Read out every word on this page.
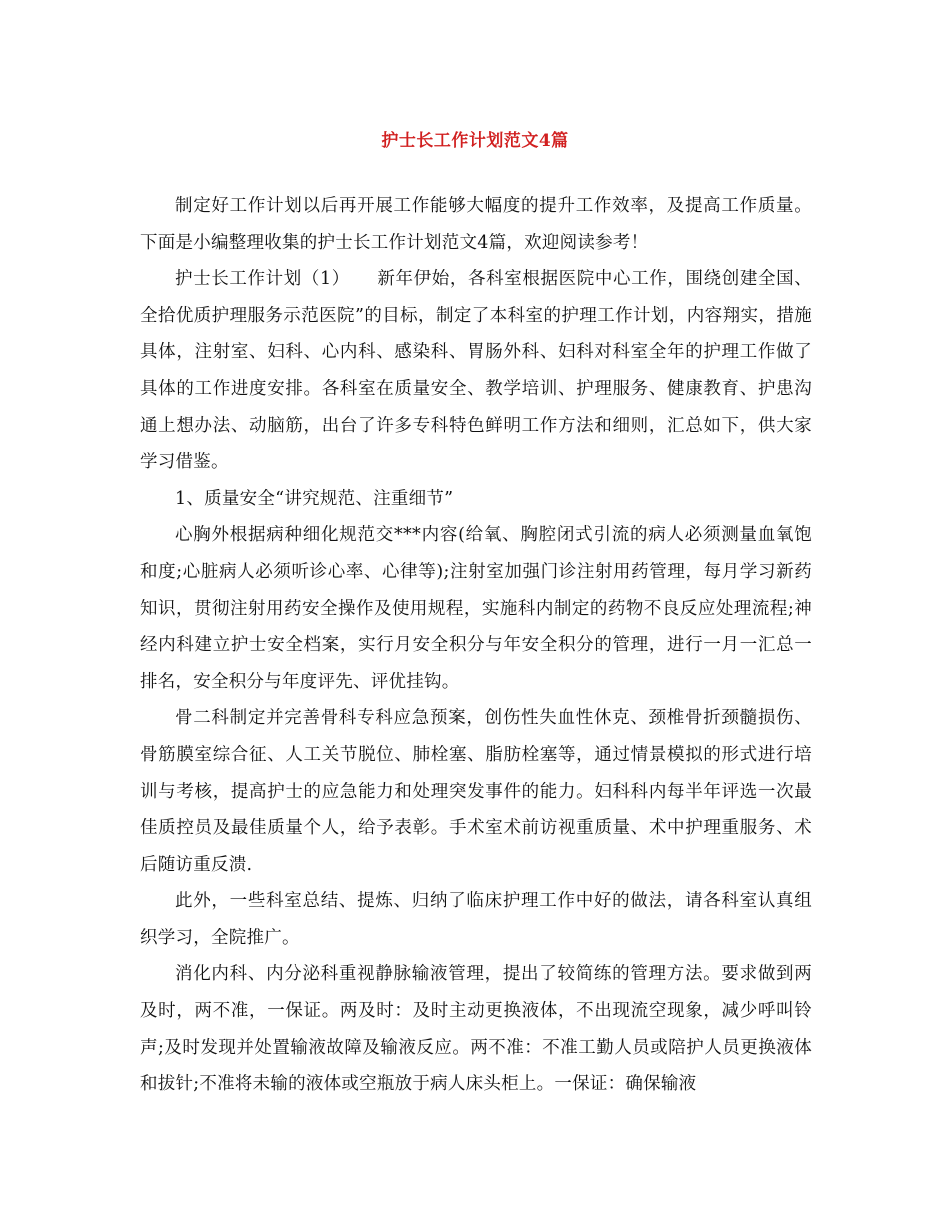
护士长工作计划范文4篇

制定好工作计划以后再开展工作能够大幅度的提升工作效率，及提高工作质量。下面是小编整理收集的护士长工作计划范文4篇，欢迎阅读参考！

护士长工作计划（1）　　新年伊始，各科室根据医院中心工作，围绕创建全国、全拾优质护理服务示范医院”的目标，制定了本科室的护理工作计划，内容翔实，措施具体，注射室、妇科、心内科、感染科、胃肠外科、妇科对科室全年的护理工作做了具体的工作进度安排。各科室在质量安全、教学培训、护理服务、健康教育、护患沟通上想办法、动脑筋，出台了许多专科特色鲜明工作方法和细则，汇总如下，供大家学习借鉴。

1、质量安全“讲究规范、注重细节”

心胸外根据病种细化规范交***内容(给氧、胸腔闭式引流的病人必须测量血氧饱和度;心脏病人必须听诊心率、心律等);注射室加强门诊注射用药管理，每月学习新药知识，贯彻注射用药安全操作及使用规程，实施科内制定的药物不良反应处理流程;神经内科建立护士安全档案，实行月安全积分与年安全积分的管理，进行一月一汇总一排名，安全积分与年度评先、评优挂钩。

骨二科制定并完善骨科专科应急预案，创伤性失血性休克、颈椎骨折颈髓损伤、骨筋膜室综合征、人工关节脱位、肺栓塞、脂肪栓塞等，通过情景模拟的形式进行培训与考核，提高护士的应急能力和处理突发事件的能力。妇科科内每半年评选一次最佳质控员及最佳质量个人，给予表彰。手术室术前访视重质量、术中护理重服务、术后随访重反溃.

此外，一些科室总结、提炼、归纳了临床护理工作中好的做法，请各科室认真组织学习，全院推广。

消化内科、内分泌科重视静脉输液管理，提出了较简练的管理方法。要求做到两及时，两不准，一保证。两及时：及时主动更换液体，不出现流空现象，减少呼叫铃声;及时发现并处置输液故障及输液反应。两不准：不准工勤人员或陪护人员更换液体和拔针;不准将未输的液体或空瓶放于病人床头柜上。一保证：确保输液
